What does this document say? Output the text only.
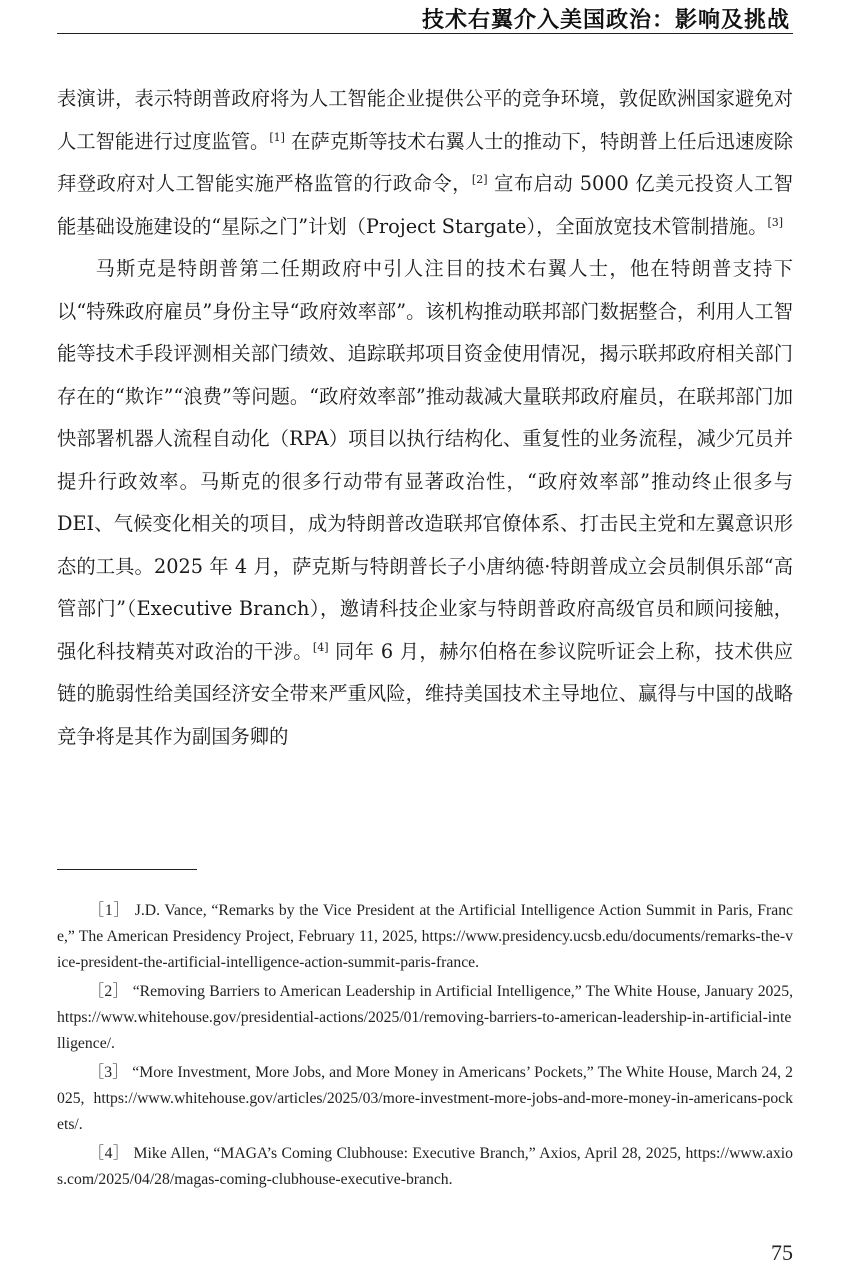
技术右翼介入美国政治：影响及挑战

表演讲，表示特朗普政府将为人工智能企业提供公平的竞争环境，敦促欧洲国家避免对人工智能进行过度监管。[1] 在萨克斯等技术右翼人士的推动下，特朗普上任后迅速废除拜登政府对人工智能实施严格监管的行政命令，[2] 宣布启动 5000 亿美元投资人工智能基础设施建设的“星际之门”计划（Project Stargate），全面放宽技术管制措施。[3]

马斯克是特朗普第二任期政府中引人注目的技术右翼人士，他在特朗普支持下以“特殊政府雇员”身份主导“政府效率部”。该机构推动联邦部门数据整合，利用人工智能等技术手段评测相关部门绩效、追踪联邦项目资金使用情况，揭示联邦政府相关部门存在的“欺诈”“浪费”等问题。“政府效率部”推动裁减大量联邦政府雇员，在联邦部门加快部署机器人流程自动化（RPA）项目以执行结构化、重复性的业务流程，减少冗员并提升行政效率。马斯克的很多行动带有显著政治性，“政府效率部”推动终止很多与 DEI、气候变化相关的项目，成为特朗普改造联邦官僚体系、打击民主党和左翼意识形态的工具。2025 年 4 月，萨克斯与特朗普长子小唐纳德·特朗普成立会员制俱乐部“高管部门”（Executive Branch），邀请科技企业家与特朗普政府高级官员和顾问接触，强化科技精英对政治的干涉。[4] 同年 6 月，赫尔伯格在参议院听证会上称，技术供应链的脆弱性给美国经济安全带来严重风险，维持美国技术主导地位、赢得与中国的战略竞争将是其作为副国务卿的

［1］ J.D. Vance, “Remarks by the Vice President at the Artificial Intelligence Action Summit in Paris, France,” The American Presidency Project, February 11, 2025, https://www.presidency.ucsb.edu/documents/remarks-the-vice-president-the-artificial-intelligence-action-summit-paris-france.

［2］ “Removing Barriers to American Leadership in Artificial Intelligence,” The White House, January 2025, https://www.whitehouse.gov/presidential-actions/2025/01/removing-barriers-to-american-leadership-in-artificial-intelligence/.

［3］ “More Investment, More Jobs, and More Money in Americans’ Pockets,” The White House, March 24, 2025, https://www.whitehouse.gov/articles/2025/03/more-investment-more-jobs-and-more-money-in-americans-pockets/.

［4］ Mike Allen, “MAGA’s Coming Clubhouse: Executive Branch,” Axios, April 28, 2025, https://www.axios.com/2025/04/28/magas-coming-clubhouse-executive-branch.

75
